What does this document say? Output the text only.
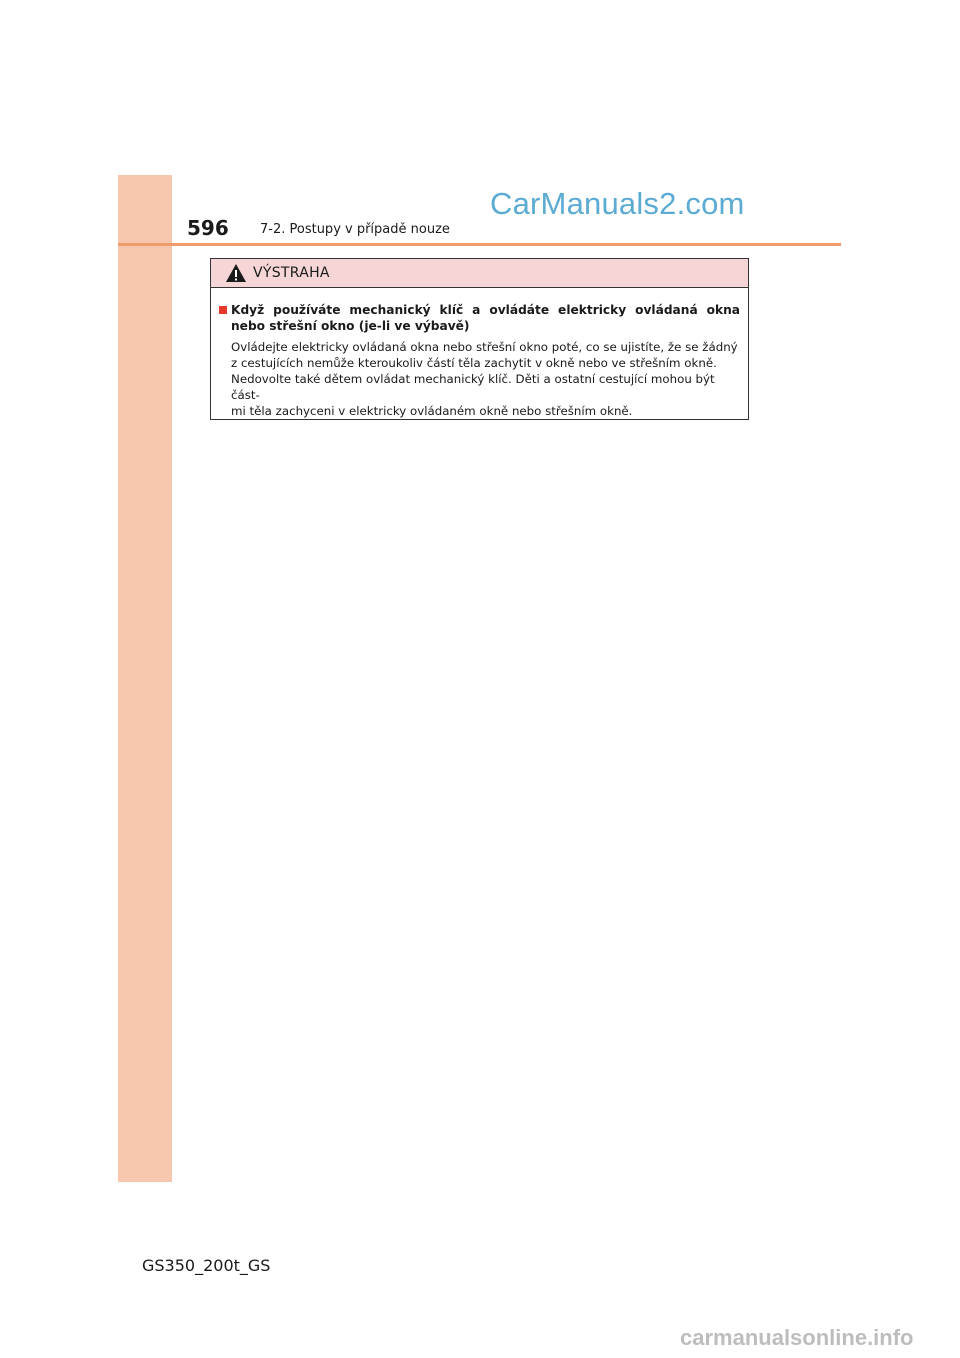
596 7-2. Postupy v případě nouze
CarManuals2.com
VÝSTRAHA
Když používáte mechanický klíč a ovládáte elektricky ovládaná okna nebo střešní okno (je-li ve výbavě)

Ovládejte elektricky ovládaná okna nebo střešní okno poté, co se ujistíte, že se žádný

z cestujících nemůže kteroukoliv částí těla zachytit v okně nebo ve střešním okně.

Nedovolte také dětem ovládat mechanický klíč. Děti a ostatní cestující mohou být část-

mi těla zachyceni v elektricky ovládaném okně nebo střešním okně.

GS350_200t_GS
carmanualsonline.info
